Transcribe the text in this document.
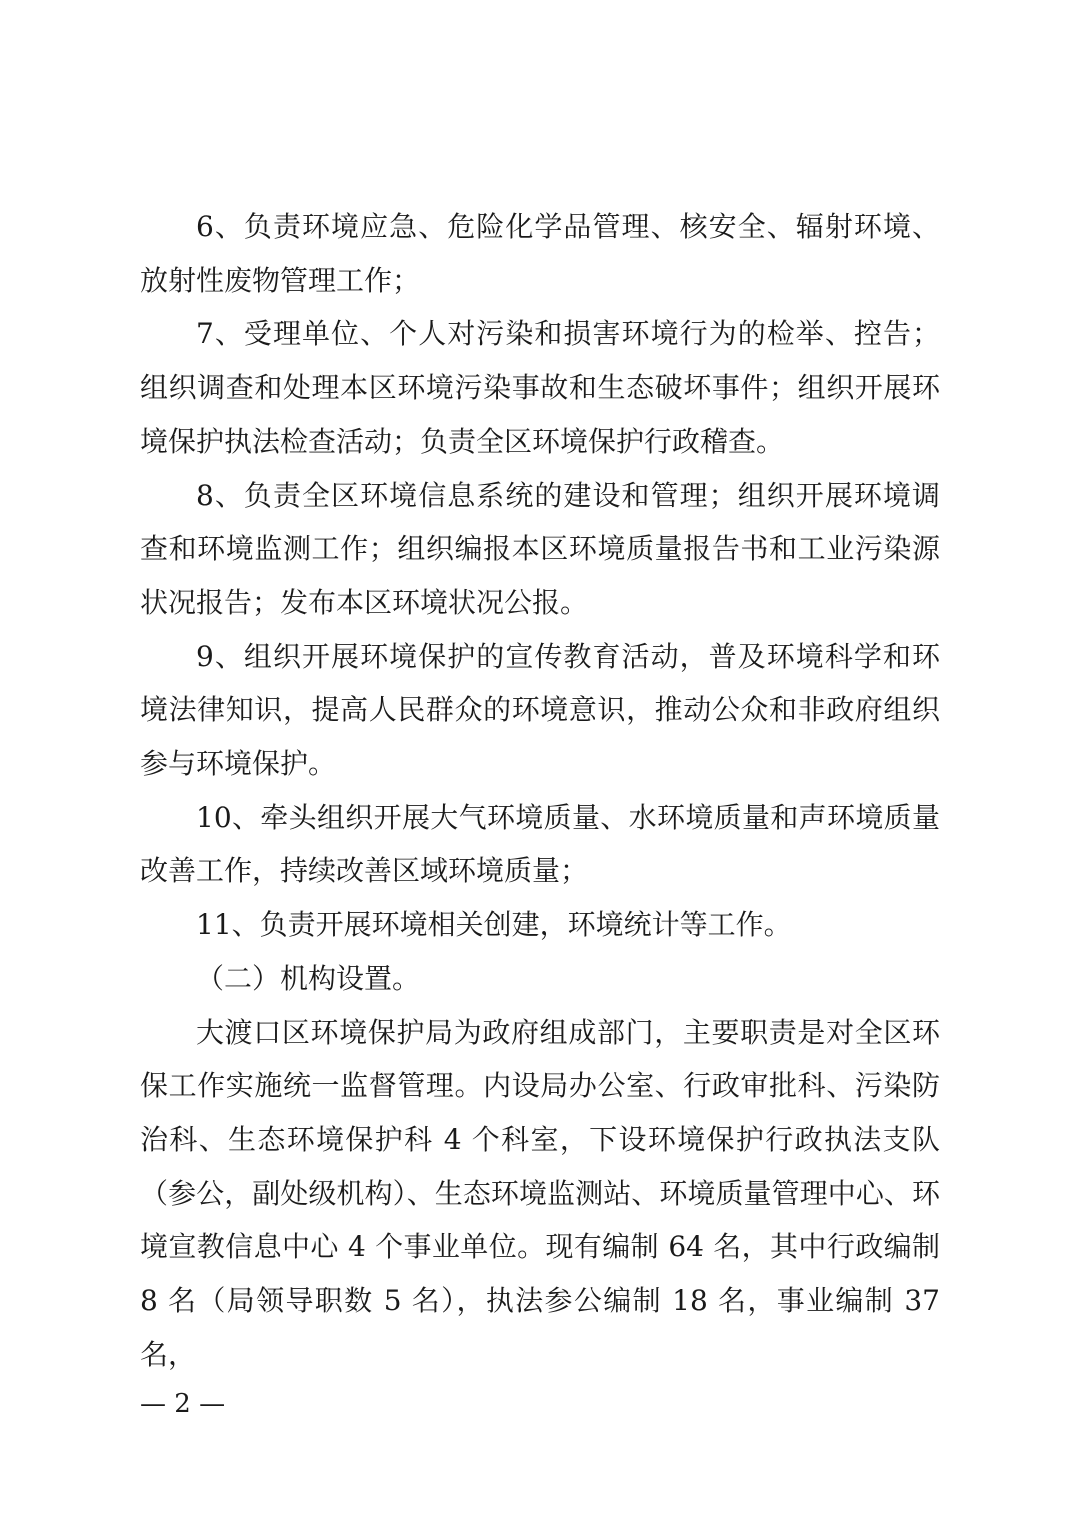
6、负责环境应急、危险化学品管理、核安全、辐射环境、放射性废物管理工作；

7、受理单位、个人对污染和损害环境行为的检举、控告；组织调查和处理本区环境污染事故和生态破坏事件；组织开展环境保护执法检查活动；负责全区环境保护行政稽查。

8、负责全区环境信息系统的建设和管理；组织开展环境调查和环境监测工作；组织编报本区环境质量报告书和工业污染源状况报告；发布本区环境状况公报。

9、组织开展环境保护的宣传教育活动，普及环境科学和环境法律知识，提高人民群众的环境意识，推动公众和非政府组织参与环境保护。

10、牵头组织开展大气环境质量、水环境质量和声环境质量改善工作，持续改善区域环境质量；

11、负责开展环境相关创建，环境统计等工作。

（二）机构设置。

大渡口区环境保护局为政府组成部门，主要职责是对全区环保工作实施统一监督管理。内设局办公室、行政审批科、污染防治科、生态环境保护科 4 个科室，下设环境保护行政执法支队（参公，副处级机构）、生态环境监测站、环境质量管理中心、环境宣教信息中心 4 个事业单位。现有编制 64 名，其中行政编制 8 名（局领导职数 5 名），执法参公编制 18 名，事业编制 37 名，

— 2 —
